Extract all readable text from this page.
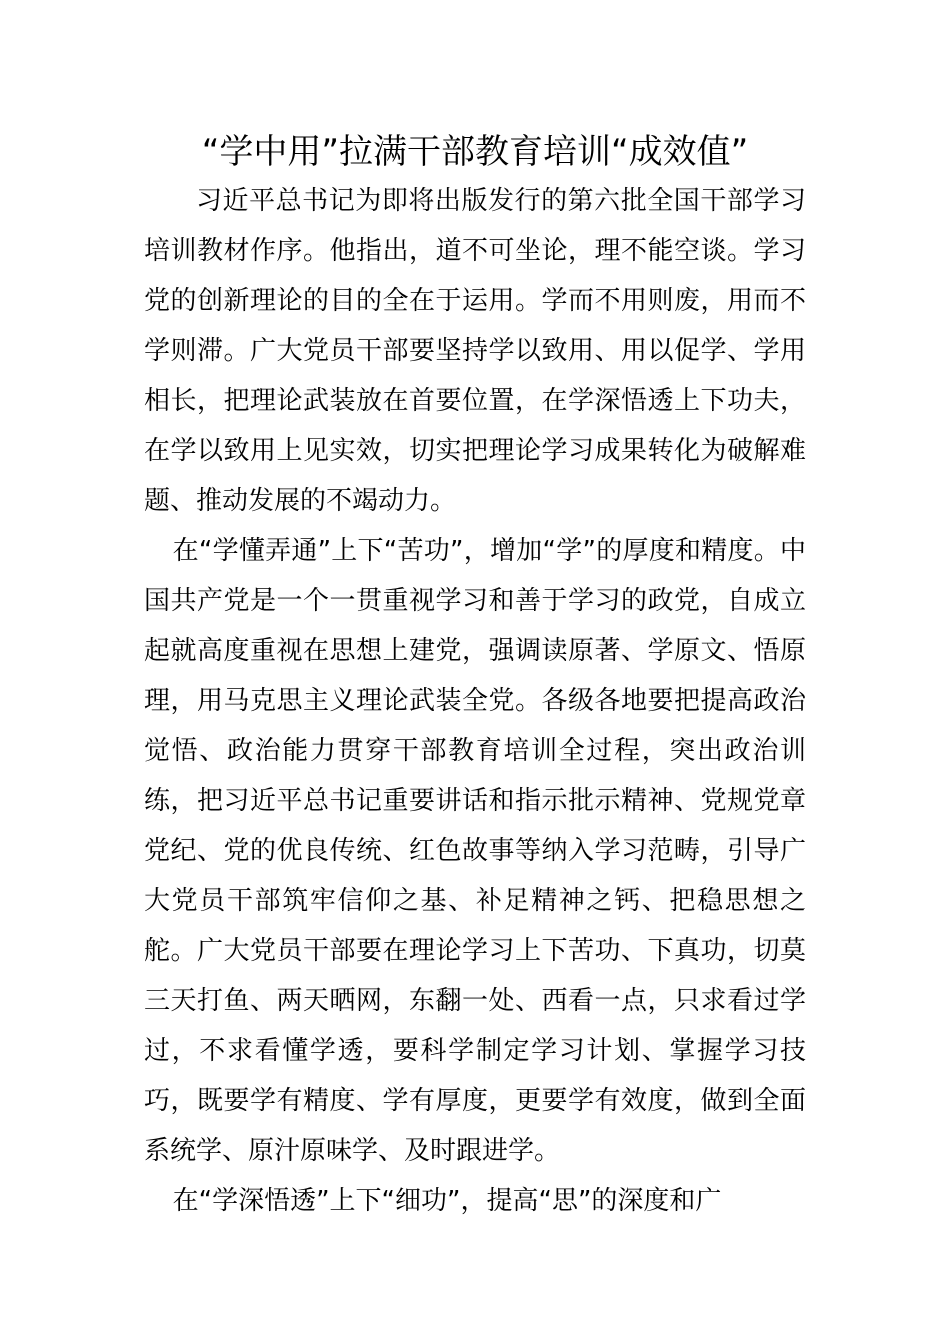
“学中用”拉满干部教育培训“成效值”

习近平总书记为即将出版发行的第六批全国干部学习培训教材作序。他指出，道不可坐论，理不能空谈。学习党的创新理论的目的全在于运用。学而不用则废，用而不学则滞。广大党员干部要坚持学以致用、用以促学、学用相长，把理论武装放在首要位置，在学深悟透上下功夫，在学以致用上见实效，切实把理论学习成果转化为破解难题、推动发展的不竭动力。

在“学懂弄通”上下“苦功”，增加“学”的厚度和精度。中国共产党是一个一贯重视学习和善于学习的政党，自成立起就高度重视在思想上建党，强调读原著、学原文、悟原理，用马克思主义理论武装全党。各级各地要把提高政治觉悟、政治能力贯穿干部教育培训全过程，突出政治训练，把习近平总书记重要讲话和指示批示精神、党规党章党纪、党的优良传统、红色故事等纳入学习范畴，引导广大党员干部筑牢信仰之基、补足精神之钙、把稳思想之舵。广大党员干部要在理论学习上下苦功、下真功，切莫三天打鱼、两天晒网，东翻一处、西看一点，只求看过学过，不求看懂学透，要科学制定学习计划、掌握学习技巧，既要学有精度、学有厚度，更要学有效度，做到全面系统学、原汁原味学、及时跟进学。

在“学深悟透”上下“细功”，提高“思”的深度和广
